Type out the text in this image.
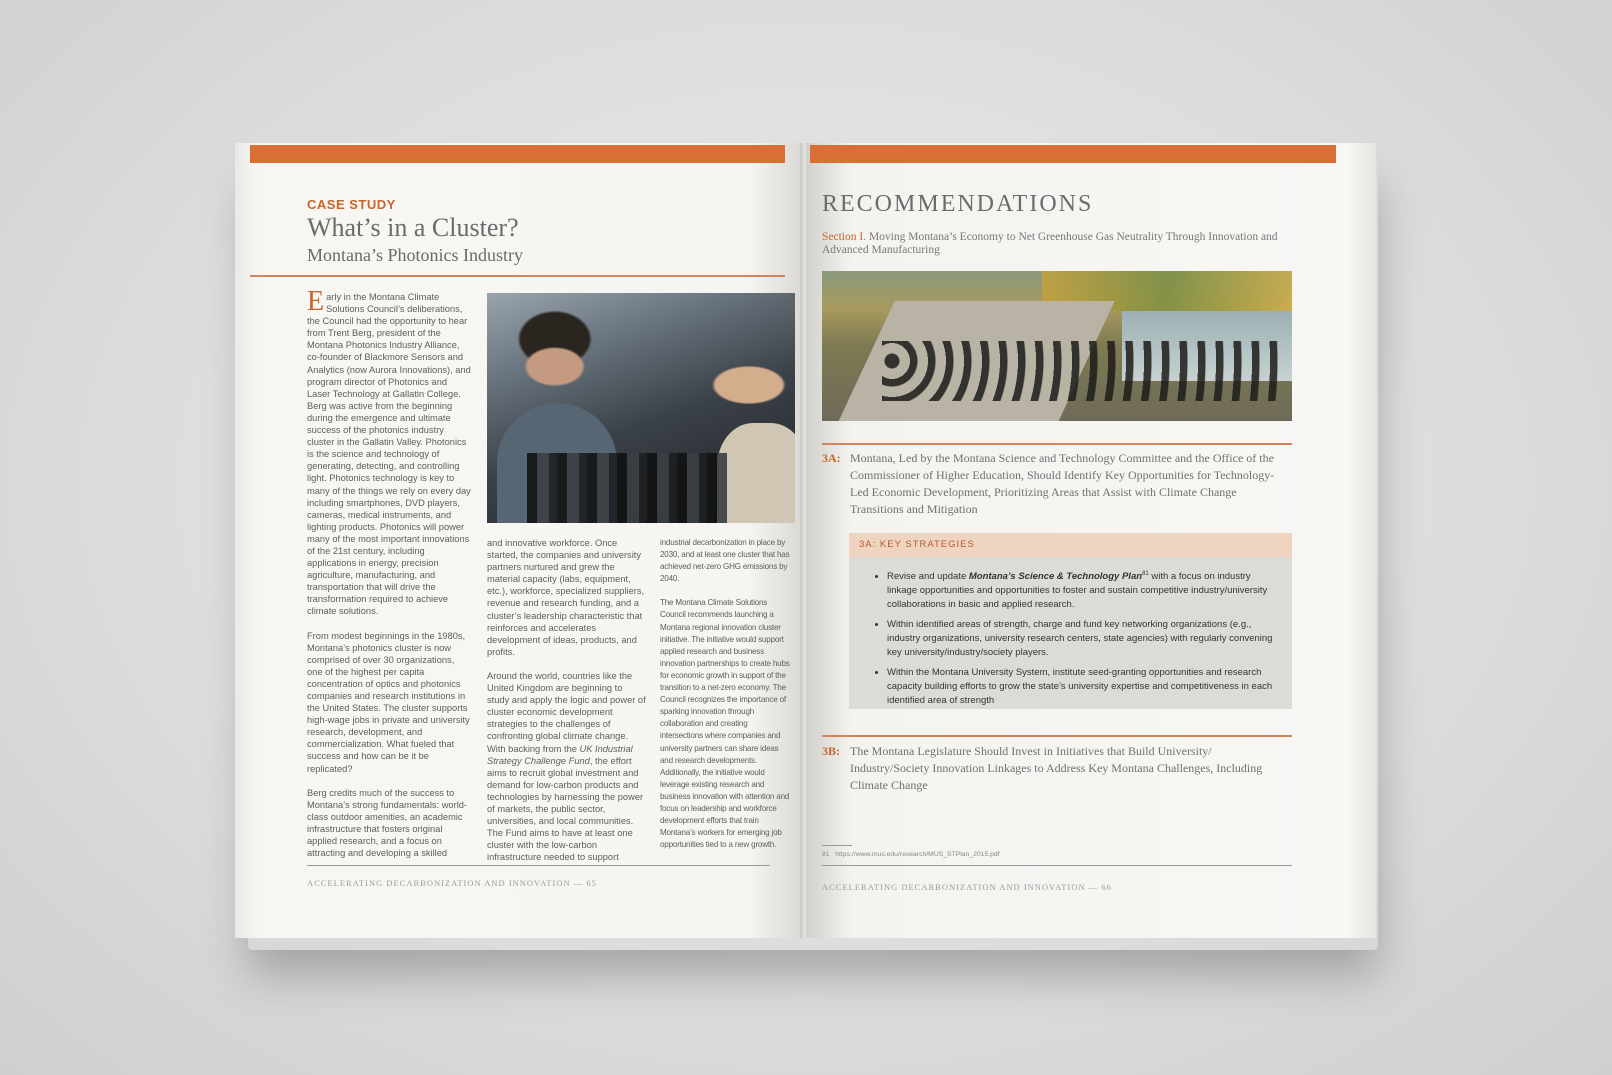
CASE STUDY
What’s in a Cluster?
Montana’s Photonics Industry

Early in the Montana Climate Solutions Council’s deliberations, the Council had the opportunity to hear from Trent Berg, president of the Montana Photonics Industry Alliance, co-founder of Blackmore Sensors and Analytics (now Aurora Innovations), and program director of Photonics and Laser Technology at Gallatin College. Berg was active from the beginning during the emergence and ultimate success of the photonics industry cluster in the Gallatin Valley. Photonics is the science and technology of generating, detecting, and controlling light. Photonics technology is key to many of the things we rely on every day including smartphones, DVD players, cameras, medical instruments, and lighting products. Photonics will power many of the most important innovations of the 21st century, including applications in energy, precision agriculture, manufacturing, and transportation that will drive the transformation required to achieve climate solutions.

From modest beginnings in the 1980s, Montana’s photonics cluster is now comprised of over 30 organizations, one of the highest per capita concentration of optics and photonics companies and research institutions in the United States. The cluster supports high-wage jobs in private and university research, development, and commercialization. What fueled that success and how can be it be replicated?

Berg credits much of the success to Montana’s strong fundamentals: world-class outdoor amenities, an academic infrastructure that fosters original applied research, and a focus on attracting and developing a skilled

and innovative workforce. Once started, the companies and university partners nurtured and grew the material capacity (labs, equipment, etc.), workforce, specialized suppliers, revenue and research funding, and a cluster’s leadership characteristic that reinforces and accelerates development of ideas, products, and profits.

Around the world, countries like the United Kingdom are beginning to study and apply the logic and power of cluster economic development strategies to the challenges of confronting global climate change. With backing from the UK Industrial Strategy Challenge Fund, the effort aims to recruit global investment and demand for low-carbon products and technologies by harnessing the power of markets, the public sector, universities, and local communities. The Fund aims to have at least one cluster with the low-carbon infrastructure needed to support

industrial decarbonization in place by 2030, and at least one cluster that has achieved net-zero GHG emissions by 2040.

The Montana Climate Solutions Council recommends launching a Montana regional innovation cluster initiative. The initiative would support applied research and business innovation partnerships to create hubs for economic growth in support of the transition to a net-zero economy. The Council recognizes the importance of sparking innovation through collaboration and creating intersections where companies and university partners can share ideas and research developments. Additionally, the initiative would leverage existing research and business innovation with attention and focus on leadership and workforce development efforts that train Montana’s workers for emerging job opportunities tied to a new growth.

ACCELERATING DECARBONIZATION AND INNOVATION — 65
RECOMMENDATIONS
Section I. Moving Montana’s Economy to Net Greenhouse Gas Neutrality Through Innovation and Advanced Manufacturing
3A: Montana, Led by the Montana Science and Technology Committee and the Office of the Commissioner of Higher Education, Should Identify Key Opportunities for Technology-Led Economic Development, Prioritizing Areas that Assist with Climate Change Transitions and Mitigation
3A: KEY STRATEGIES
• Revise and update Montana’s Science & Technology Plan$^{81}$ with a focus on industry linkage opportunities and opportunities to foster and sustain competitive industry/university collaborations in basic and applied research.
• Within identified areas of strength, charge and fund key networking organizations (e.g., industry organizations, university research centers, state agencies) with regularly convening key university/industry/society players.
• Within the Montana University System, institute seed-granting opportunities and research capacity building efforts to grow the state’s university expertise and competitiveness in each identified area of strength
3B: The Montana Legislature Should Invest in Initiatives that Build University/ Industry/Society Innovation Linkages to Address Key Montana Challenges, Including Climate Change
81 https://www.mus.edu/research/MUS_STPlan_2015.pdf
ACCELERATING DECARBONIZATION AND INNOVATION — 66
